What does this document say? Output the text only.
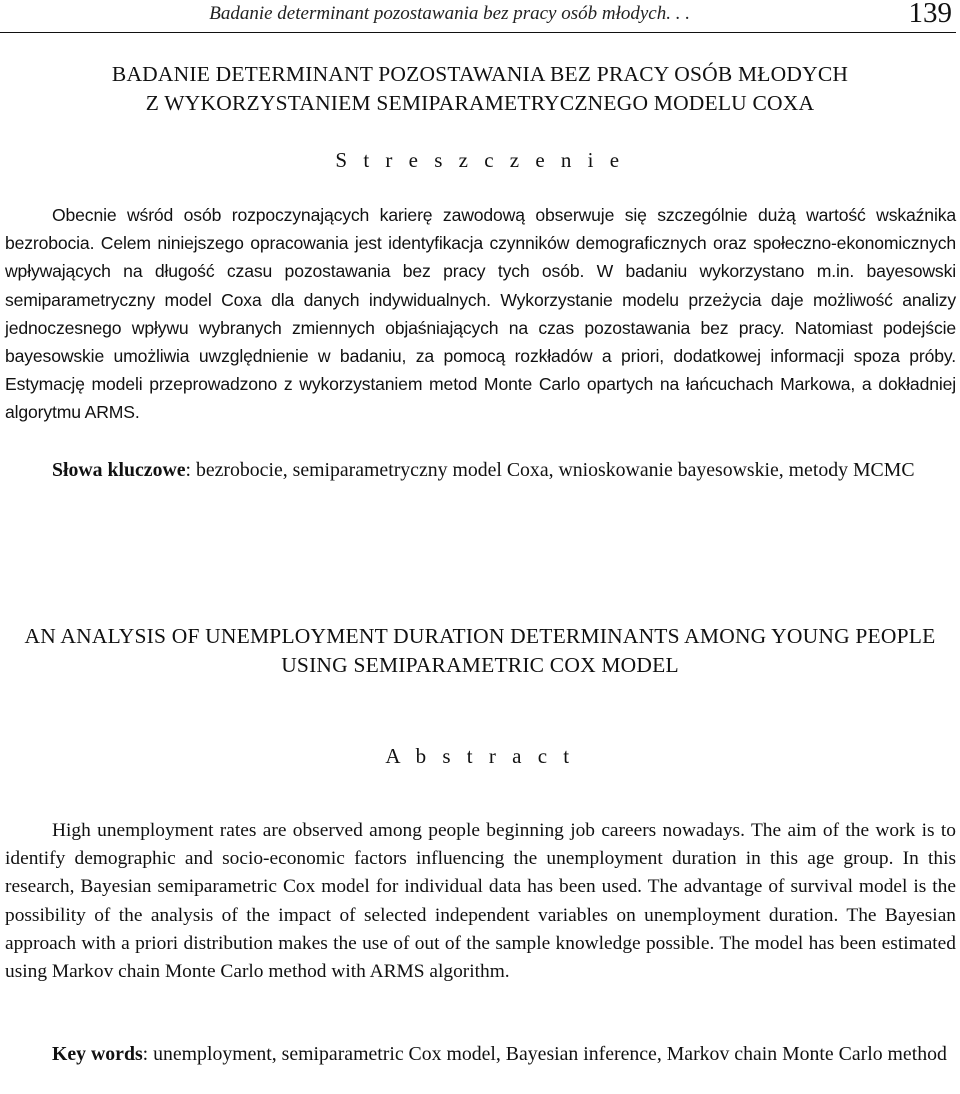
Badanie determinant pozostawania bez pracy osób młodych. . .	139
BADANIE DETERMINANT POZOSTAWANIA BEZ PRACY OSÓB MŁODYCH
Z WYKORZYSTANIEM SEMIPARAMETRYCZNEGO MODELU COXA
S t r e s z c z e n i e

Obecnie wśród osób rozpoczynających karierę zawodową obserwuje się szczególnie dużą wartość wskaźnika bezrobocia. Celem niniejszego opracowania jest identyfikacja czynników demograficznych oraz społeczno-ekonomicznych wpływających na długość czasu pozostawania bez pracy tych osób. W badaniu wykorzystano m.in. bayesowski semiparametryczny model Coxa dla danych indywidualnych. Wykorzystanie modelu przeżycia daje możliwość analizy jednoczesnego wpływu wybranych zmiennych objaśniających na czas pozostawania bez pracy. Natomiast podejście bayesowskie umożliwia uwzględnienie w badaniu, za pomocą rozkładów a priori, dodatkowej informacji spoza próby. Estymację modeli przeprowadzono z wykorzystaniem metod Monte Carlo opartych na łańcuchach Markowa, a dokładniej algorytmu ARMS.

Słowa kluczowe: bezrobocie, semiparametryczny model Coxa, wnioskowanie bayesowskie, metody MCMC

AN ANALYSIS OF UNEMPLOYMENT DURATION DETERMINANTS AMONG YOUNG PEOPLE
USING SEMIPARAMETRIC COX MODEL
A b s t r a c t

High unemployment rates are observed among people beginning job careers nowadays. The aim of the work is to identify demographic and socio-economic factors influencing the unemployment duration in this age group. In this research, Bayesian semiparametric Cox model for individual data has been used. The advantage of survival model is the possibility of the analysis of the impact of selected independent variables on unemployment duration. The Bayesian approach with a priori distribution makes the use of out of the sample knowledge possible. The model has been estimated using Markov chain Monte Carlo method with ARMS algorithm.

Key words: unemployment, semiparametric Cox model, Bayesian inference, Markov chain Monte Carlo method
